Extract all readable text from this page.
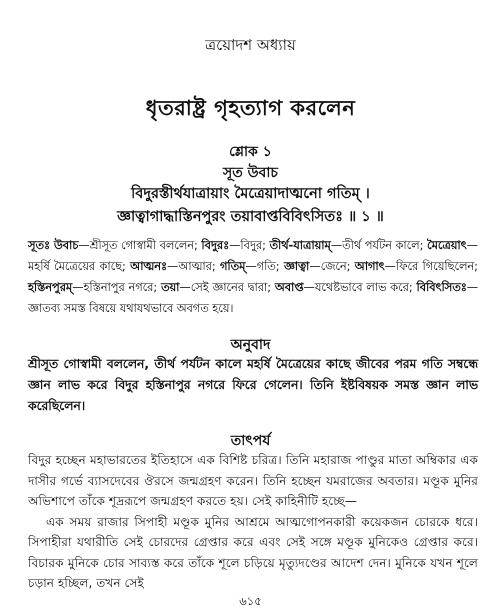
ত্রয়োদশ অধ্যায়
ধৃতরাষ্ট্র গৃহত্যাগ করলেন
শ্লোক ১
সূত উবাচ
বিদুরস্তীর্থযাত্রায়াং মৈত্রেয়াদাত্মনো গতিম্ ।
জ্ঞাত্বাগাদ্ধাস্তিনপুরং তয়াবাপ্তবিবিৎসিতঃ ॥ ১ ॥
সূতঃ উবাচ—শ্রীসূত গোস্বামী বললেন; বিদুরঃ—বিদুর; তীর্থ-যাত্রায়াম্—তীর্থ পর্যটন কালে; মৈত্রেয়াৎ—মহর্ষি মৈত্রেয়ের কাছে; আত্মনঃ—আত্মার; গতিম্—গতি; জ্ঞাত্বা—জেনে; আগাৎ—ফিরে গিয়েছিলেন; হস্তিনপুরম্—হস্তিনাপুর নগরে; তয়া—সেই জ্ঞানের দ্বারা; অবাপ্ত—যথেষ্টভাবে লাভ করে; বিবিৎসিতঃ—জ্ঞাতব্য সমস্ত বিষয়ে যথাযথভাবে অবগত হয়ে।
অনুবাদ
শ্রীসূত গোস্বামী বললেন, তীর্থ পর্যটন কালে মহর্ষি মৈত্রেয়ের কাছে জীবের পরম গতি সম্বন্ধে জ্ঞান লাভ করে বিদুর হস্তিনাপুর নগরে ফিরে গেলেন। তিনি ইষ্টবিষয়ক সমস্ত জ্ঞান লাভ করেছিলেন।
তাৎপর্য

বিদুর হচ্ছেন মহাভারতের ইতিহাসে এক বিশিষ্ট চরিত্র। তিনি মহারাজ পাণ্ডুর মাতা অম্বিকার এক দাসীর গর্ভে ব্যাসদেবের ঔরসে জন্মগ্রহণ করেন। তিনি হচ্ছেন যমরাজের অবতার। মণ্ডূক মুনির অভিশাপে তাঁকে শূদ্ররূপে জন্মগ্রহণ করতে হয়। সেই কাহিনীটি হচ্ছে—

এক সময় রাজার সিপাহী মণ্ডূক মুনির আশ্রমে আত্মগোপনকারী কয়েকজন চোরকে ধরে। সিপাহীরা যথারীতি সেই চোরদের গ্রেপ্তার করে এবং সেই সঙ্গে মণ্ডূক মুনিকেও গ্রেপ্তার করে। বিচারক মুনিকে চোর সাব্যস্ত করে তাঁকে শূলে চড়িয়ে মৃত্যুদণ্ডের আদেশ দেন। মুনিকে যখন শূলে চড়ান হচ্ছিল, তখন সেই

৬১৫
